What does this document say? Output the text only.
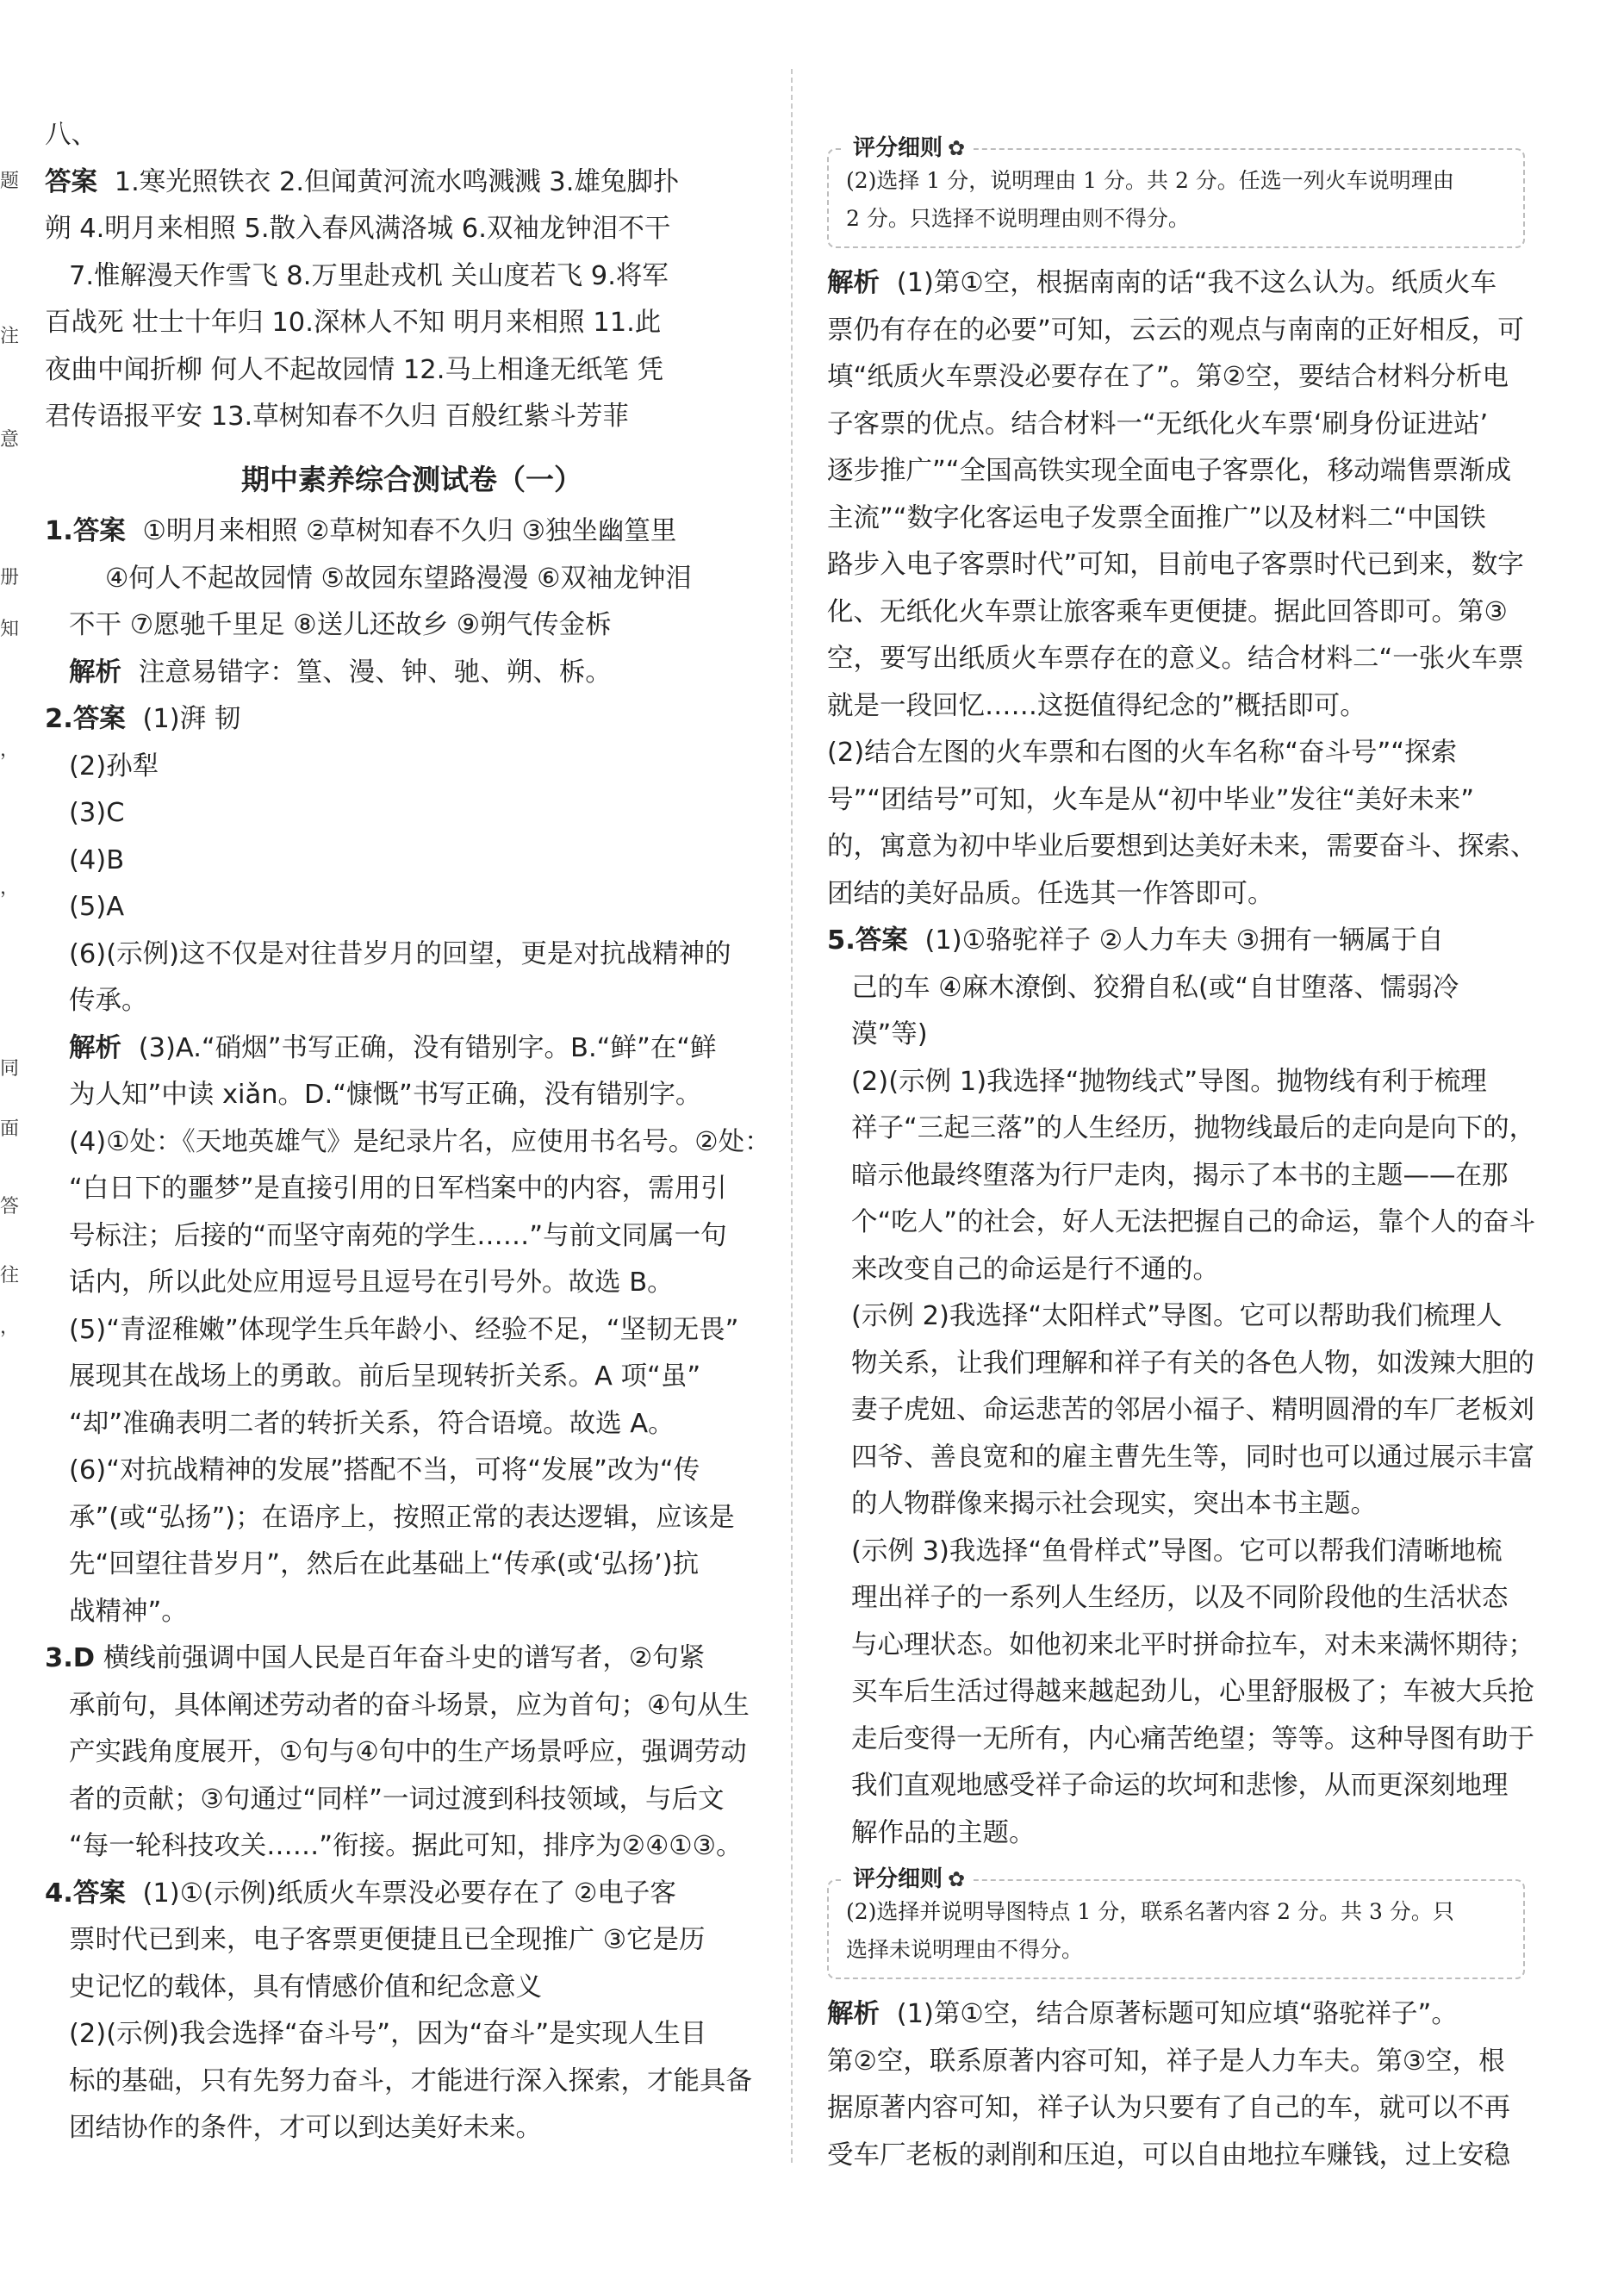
题
注
意
册
知
，
，
同
面
答
往
，
八、
答案 1.寒光照铁衣 2.但闻黄河流水鸣溅溅 3.雄兔脚扑
朔 4.明月来相照 5.散入春风满洛城 6.双袖龙钟泪不干
7.惟解漫天作雪飞 8.万里赴戎机 关山度若飞 9.将军
百战死 壮士十年归 10.深林人不知 明月来相照 11.此
夜曲中闻折柳 何人不起故园情 12.马上相逢无纸笔 凭
君传语报平安 13.草树知春不久归 百般红紫斗芳菲
期中素养综合测试卷（一）
1.答案 ①明月来相照 ②草树知春不久归 ③独坐幽篁里
④何人不起故园情 ⑤故园东望路漫漫 ⑥双袖龙钟泪
不干 ⑦愿驰千里足 ⑧送儿还故乡 ⑨朔气传金柝
解析 注意易错字：篁、漫、钟、驰、朔、柝。
2.答案 (1)湃 韧
(2)孙犁
(3)C
(4)B
(5)A
(6)(示例)这不仅是对往昔岁月的回望，更是对抗战精神的
传承。
解析 (3)A.“硝烟”书写正确，没有错别字。B.“鲜”在“鲜
为人知”中读 xiǎn。D.“慷慨”书写正确，没有错别字。
(4)①处：《天地英雄气》是纪录片名，应使用书名号。②处：
“白日下的噩梦”是直接引用的日军档案中的内容，需用引
号标注；后接的“而坚守南苑的学生……”与前文同属一句
话内，所以此处应用逗号且逗号在引号外。故选 B。
(5)“青涩稚嫩”体现学生兵年龄小、经验不足，“坚韧无畏”
展现其在战场上的勇敢。前后呈现转折关系。A 项“虽”
“却”准确表明二者的转折关系，符合语境。故选 A。
(6)“对抗战精神的发展”搭配不当，可将“发展”改为“传
承”(或“弘扬”)；在语序上，按照正常的表达逻辑，应该是
先“回望往昔岁月”，然后在此基础上“传承(或‘弘扬’)抗
战精神”。
3.D 横线前强调中国人民是百年奋斗史的谱写者，②句紧
承前句，具体阐述劳动者的奋斗场景，应为首句；④句从生
产实践角度展开，①句与④句中的生产场景呼应，强调劳动
者的贡献；③句通过“同样”一词过渡到科技领域，与后文
“每一轮科技攻关……”衔接。据此可知，排序为②④①③。
4.答案 (1)①(示例)纸质火车票没必要存在了 ②电子客
票时代已到来，电子客票更便捷且已全现推广 ③它是历
史记忆的载体，具有情感价值和纪念意义
(2)(示例)我会选择“奋斗号”，因为“奋斗”是实现人生目
标的基础，只有先努力奋斗，才能进行深入探索，才能具备
团结协作的条件，才可以到达美好未来。
评分细则 ✿
(2)选择 1 分，说明理由 1 分。共 2 分。任选一列火车说明理由
2 分。只选择不说明理由则不得分。
解析 (1)第①空，根据南南的话“我不这么认为。纸质火车
票仍有存在的必要”可知，云云的观点与南南的正好相反，可
填“纸质火车票没必要存在了”。第②空，要结合材料分析电
子客票的优点。结合材料一“无纸化火车票‘刷身份证进站’
逐步推广”“全国高铁实现全面电子客票化，移动端售票渐成
主流”“数字化客运电子发票全面推广”以及材料二“中国铁
路步入电子客票时代”可知，目前电子客票时代已到来，数字
化、无纸化火车票让旅客乘车更便捷。据此回答即可。第③
空，要写出纸质火车票存在的意义。结合材料二“一张火车票
就是一段回忆……这挺值得纪念的”概括即可。
(2)结合左图的火车票和右图的火车名称“奋斗号”“探索
号”“团结号”可知，火车是从“初中毕业”发往“美好未来”
的，寓意为初中毕业后要想到达美好未来，需要奋斗、探索、
团结的美好品质。任选其一作答即可。
5.答案 (1)①骆驼祥子 ②人力车夫 ③拥有一辆属于自
己的车 ④麻木潦倒、狡猾自私(或“自甘堕落、懦弱冷
漠”等)
(2)(示例 1)我选择“抛物线式”导图。抛物线有利于梳理
祥子“三起三落”的人生经历，抛物线最后的走向是向下的，
暗示他最终堕落为行尸走肉，揭示了本书的主题——在那
个“吃人”的社会，好人无法把握自己的命运，靠个人的奋斗
来改变自己的命运是行不通的。
(示例 2)我选择“太阳样式”导图。它可以帮助我们梳理人
物关系，让我们理解和祥子有关的各色人物，如泼辣大胆的
妻子虎妞、命运悲苦的邻居小福子、精明圆滑的车厂老板刘
四爷、善良宽和的雇主曹先生等，同时也可以通过展示丰富
的人物群像来揭示社会现实，突出本书主题。
(示例 3)我选择“鱼骨样式”导图。它可以帮我们清晰地梳
理出祥子的一系列人生经历，以及不同阶段他的生活状态
与心理状态。如他初来北平时拼命拉车，对未来满怀期待；
买车后生活过得越来越起劲儿，心里舒服极了；车被大兵抢
走后变得一无所有，内心痛苦绝望；等等。这种导图有助于
我们直观地感受祥子命运的坎坷和悲惨，从而更深刻地理
解作品的主题。
评分细则 ✿
(2)选择并说明导图特点 1 分，联系名著内容 2 分。共 3 分。只
选择未说明理由不得分。
解析 (1)第①空，结合原著标题可知应填“骆驼祥子”。
第②空，联系原著内容可知，祥子是人力车夫。第③空，根
据原著内容可知，祥子认为只要有了自己的车，就可以不再
受车厂老板的剥削和压迫，可以自由地拉车赚钱，过上安稳
